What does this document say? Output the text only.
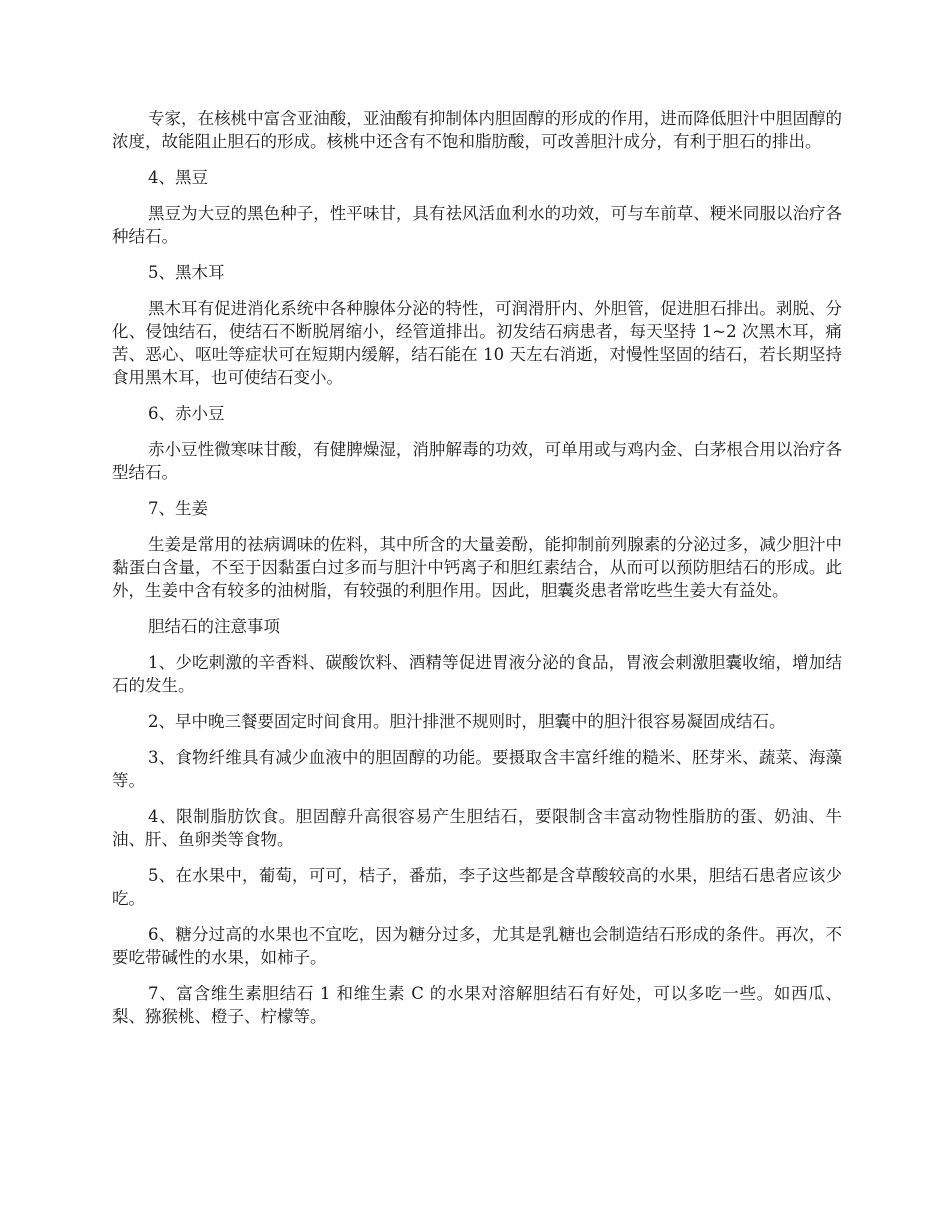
专家，在核桃中富含亚油酸，亚油酸有抑制体内胆固醇的形成的作用，进而降低胆汁中胆固醇的浓度，故能阻止胆石的形成。核桃中还含有不饱和脂肪酸，可改善胆汁成分，有利于胆石的排出。

4、黑豆

黑豆为大豆的黑色种子，性平味甘，具有祛风活血利水的功效，可与车前草、粳米同服以治疗各种结石。

5、黑木耳

黑木耳有促进消化系统中各种腺体分泌的特性，可润滑肝内、外胆管，促进胆石排出。剥脱、分化、侵蚀结石，使结石不断脱屑缩小，经管道排出。初发结石病患者，每天坚持 1~2 次黑木耳，痛苦、恶心、呕吐等症状可在短期内缓解，结石能在 10 天左右消逝，对慢性坚固的结石，若长期坚持食用黑木耳，也可使结石变小。

6、赤小豆

赤小豆性微寒味甘酸，有健脾燥湿，消肿解毒的功效，可单用或与鸡内金、白茅根合用以治疗各型结石。

7、生姜

生姜是常用的祛病调味的佐料，其中所含的大量姜酚，能抑制前列腺素的分泌过多，减少胆汁中黏蛋白含量，不至于因黏蛋白过多而与胆汁中钙离子和胆红素结合，从而可以预防胆结石的形成。此外，生姜中含有较多的油树脂，有较强的利胆作用。因此，胆囊炎患者常吃些生姜大有益处。

胆结石的注意事项

1、少吃刺激的辛香料、碳酸饮料、酒精等促进胃液分泌的食品，胃液会刺激胆囊收缩，增加结石的发生。

2、早中晚三餐要固定时间食用。胆汁排泄不规则时，胆囊中的胆汁很容易凝固成结石。

3、食物纤维具有减少血液中的胆固醇的功能。要摄取含丰富纤维的糙米、胚芽米、蔬菜、海藻等。

4、限制脂肪饮食。胆固醇升高很容易产生胆结石，要限制含丰富动物性脂肪的蛋、奶油、牛油、肝、鱼卵类等食物。

5、在水果中，葡萄，可可，桔子，番茄，李子这些都是含草酸较高的水果，胆结石患者应该少吃。

6、糖分过高的水果也不宜吃，因为糖分过多，尤其是乳糖也会制造结石形成的条件。再次，不要吃带碱性的水果，如柿子。

7、富含维生素胆结石 1 和维生素 C 的水果对溶解胆结石有好处，可以多吃一些。如西瓜、梨、猕猴桃、橙子、柠檬等。
